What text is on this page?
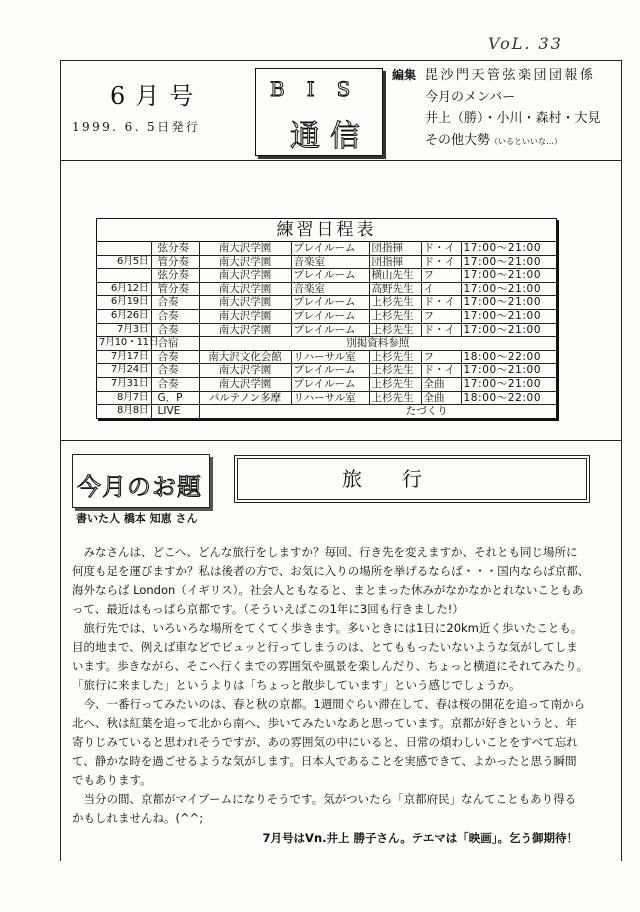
VoL. 33
6月号
1999. 6. 5日発行
BIS
通信
編集 毘沙門天管弦楽団団報係
今月のメンバー
井上（勝）・小川・森村・大見
その他大勢（いるといいな…）
練習日程表
	弦分奏	南大沢学園	プレイルーム	団指揮	ド・イ	17:00～21:00
6月5日	管分奏	南大沢学園	音楽室	団指揮	ド・イ	17:00～21:00
	弦分奏	南大沢学園	プレイルーム	横山先生	フ	17:00～21:00
6月12日	管分奏	南大沢学園	音楽室	高野先生	イ	17:00～21:00
6月19日	合奏	南大沢学園	プレイルーム	上杉先生	ド・イ	17:00～21:00
6月26日	合奏	南大沢学園	プレイルーム	上杉先生	フ	17:00～21:00
7月3日	合奏	南大沢学園	プレイルーム	上杉先生	ド・イ	17:00～21:00
7月10・11日	合宿	別掲資料参照				
7月17日	合奏	南大沢文化会館	リハーサル室	上杉先生	フ	18:00～22:00
7月24日	合奏	南大沢学園	プレイルーム	上杉先生	ド・イ	17:00～21:00
7月31日	合奏	南大沢学園	プレイルーム	上杉先生	全曲	17:00～21:00
8月7日	G．P	パルテノン多摩	リハーサル室	上杉先生	全曲	18:00～22:00
8月8日	LIVE	たづくり				
今月のお題
書いた人 橋本 知恵 さん
旅　　行
　みなさんは、どこへ、どんな旅行をしますか？毎回、行き先を変えますか、それとも同じ場所に
何度も足を運びますか？私は後者の方で、お気に入りの場所を挙げるならば・・・国内ならば京都、
海外ならば London（イギリス）。社会人ともなると、まとまった休みがなかなかとれないこともあ
って、最近はもっぱら京都です。（そういえばこの1年に3回も行きました!）
　旅行先では、いろいろな場所をてくてく歩きます。多いときには1日に20km近く歩いたことも。
目的地まで、例えば車などでビュッと行ってしまうのは、とてももったいないような気がしてしま
います。歩きながら、そこへ行くまでの雰囲気や風景を楽しんだり、ちょっと横道にそれてみたり。
「旅行に来ました」というよりは「ちょっと散歩しています」という感じでしょうか。
　今、一番行ってみたいのは、春と秋の京都。1週間ぐらい滞在して、春は桜の開花を追って南から
北へ、秋は紅葉を追って北から南へ、歩いてみたいなあと思っています。京都が好きというと、年
寄りじみていると思われそうですが、あの雰囲気の中にいると、日常の煩わしいことをすべて忘れ
て、静かな時を過ごせるような気がします。日本人であることを実感できて、よかったと思う瞬間
でもあります。
　当分の間、京都がマイブームになりそうです。気がついたら「京都府民」なんてこともあり得る
かもしれませんね。(^^;
7月号はVn.井上 勝子さん。テエマは「映画」。乞う御期待！
